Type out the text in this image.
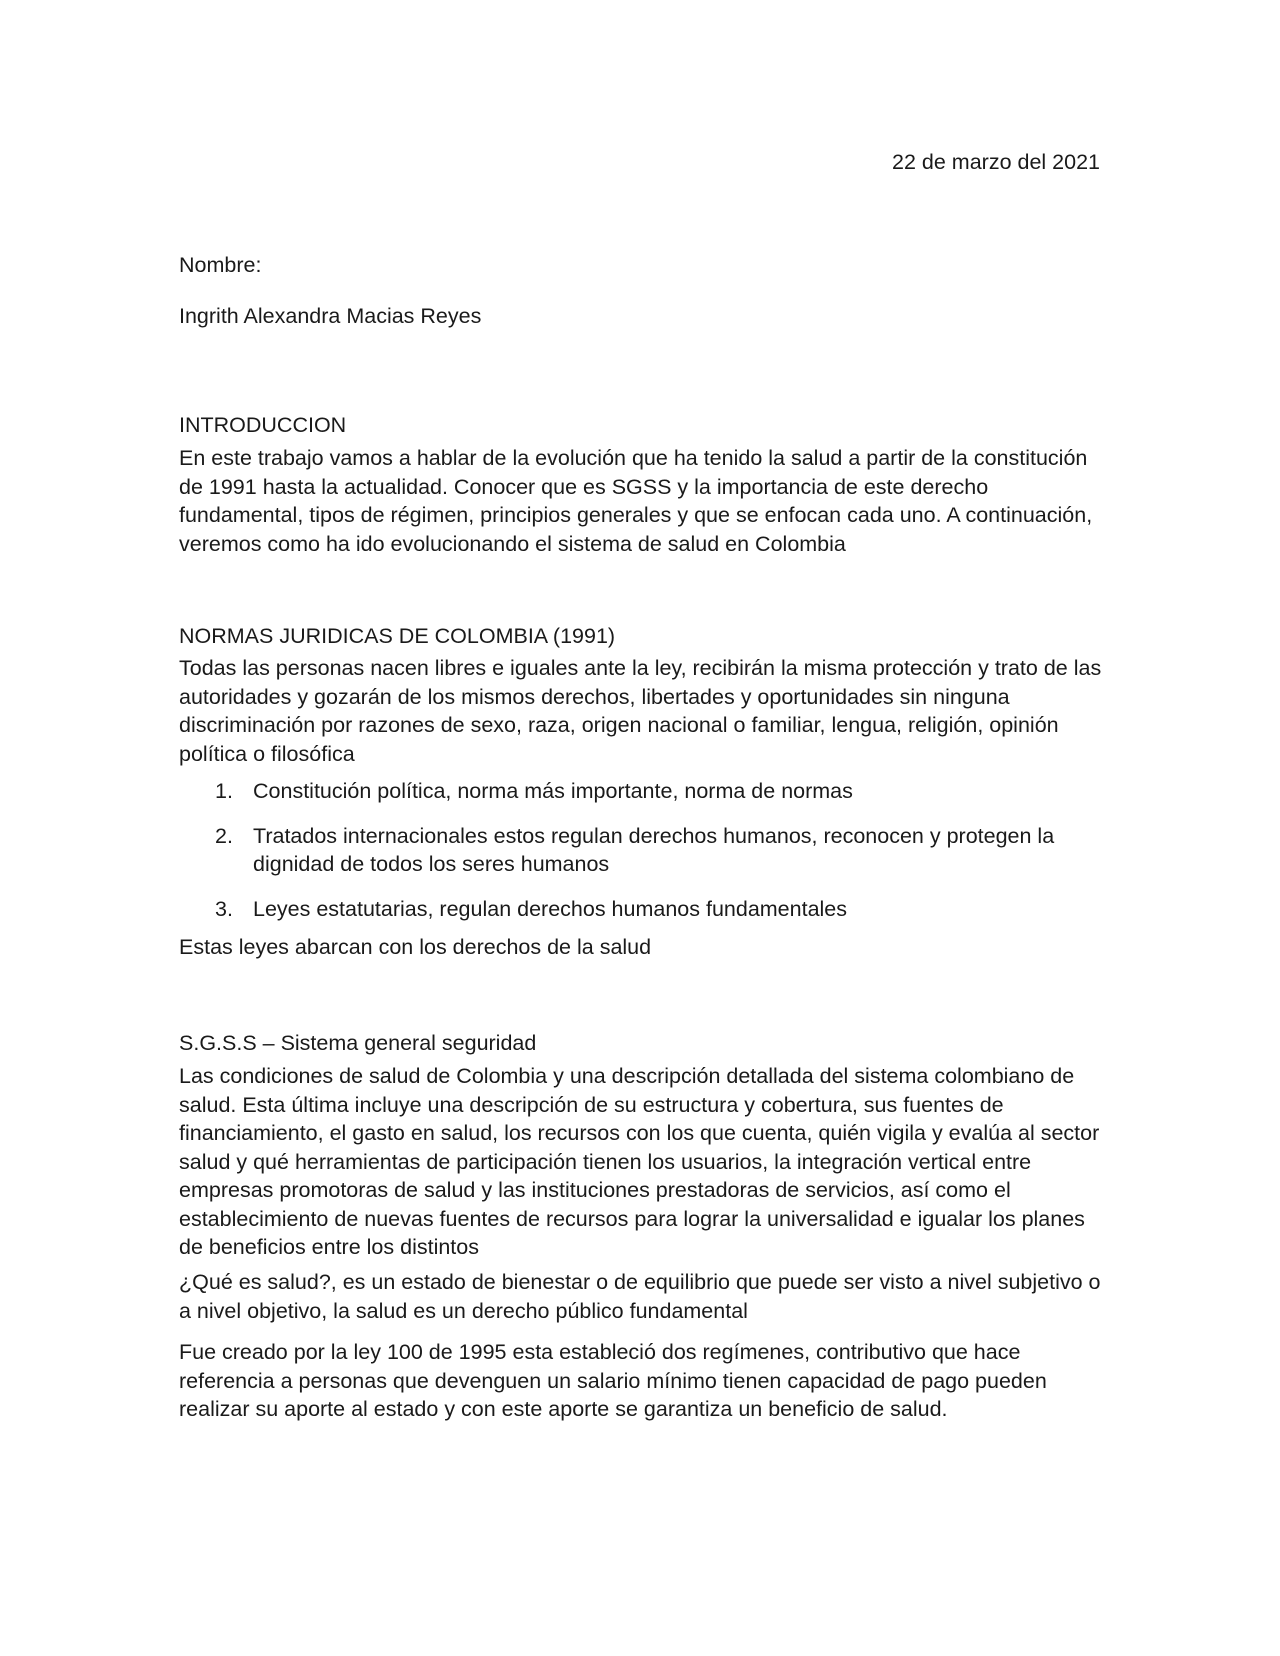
22 de marzo del 2021

Nombre:

Ingrith Alexandra Macias Reyes

INTRODUCCION

En este trabajo vamos a hablar de la evolución que ha tenido la salud a partir de la constitución de 1991 hasta la actualidad. Conocer que es SGSS y la importancia de este derecho fundamental, tipos de régimen, principios generales y que se enfocan cada uno. A continuación, veremos como ha ido evolucionando el sistema de salud en Colombia

NORMAS JURIDICAS DE COLOMBIA (1991)

Todas las personas nacen libres e iguales ante la ley, recibirán la misma protección y trato de las autoridades y gozarán de los mismos derechos, libertades y oportunidades sin ninguna discriminación por razones de sexo, raza, origen nacional o familiar, lengua, religión, opinión política o filosófica

1. Constitución política, norma más importante, norma de normas
2. Tratados internacionales estos regulan derechos humanos, reconocen y protegen la dignidad de todos los seres humanos
3. Leyes estatutarias, regulan derechos humanos fundamentales

Estas leyes abarcan con los derechos de la salud

S.G.S.S – Sistema general seguridad

Las condiciones de salud de Colombia y una descripción detallada del sistema colombiano de salud. Esta última incluye una descripción de su estructura y cobertura, sus fuentes de financiamiento, el gasto en salud, los recursos con los que cuenta, quién vigila y evalúa al sector salud y qué herramientas de participación tienen los usuarios, la integración vertical entre empresas promotoras de salud y las instituciones prestadoras de servicios, así como el establecimiento de nuevas fuentes de recursos para lograr la universalidad e igualar los planes de beneficios entre los distintos

¿Qué es salud?, es un estado de bienestar o de equilibrio que puede ser visto a nivel subjetivo o a nivel objetivo, la salud es un derecho público fundamental

Fue creado por la ley 100 de 1995 esta estableció dos regímenes, contributivo que hace referencia a personas que devenguen un salario mínimo tienen capacidad de pago pueden realizar su aporte al estado y con este aporte se garantiza un beneficio de salud.
